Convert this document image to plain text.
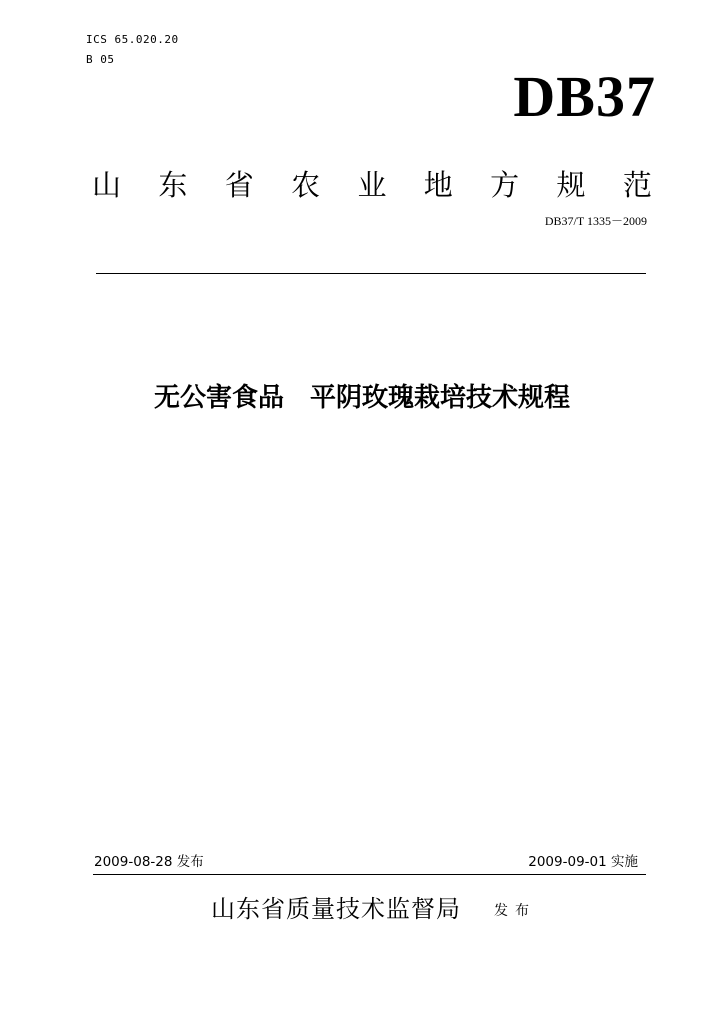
ICS 65.020.20
B 05
DB37
山 东 省 农 业 地 方 规 范
DB37/T 1335－2009
无公害食品　平阴玫瑰栽培技术规程
2009-08-28 发布	2009-09-01 实施
山东省质量技术监督局 发布
